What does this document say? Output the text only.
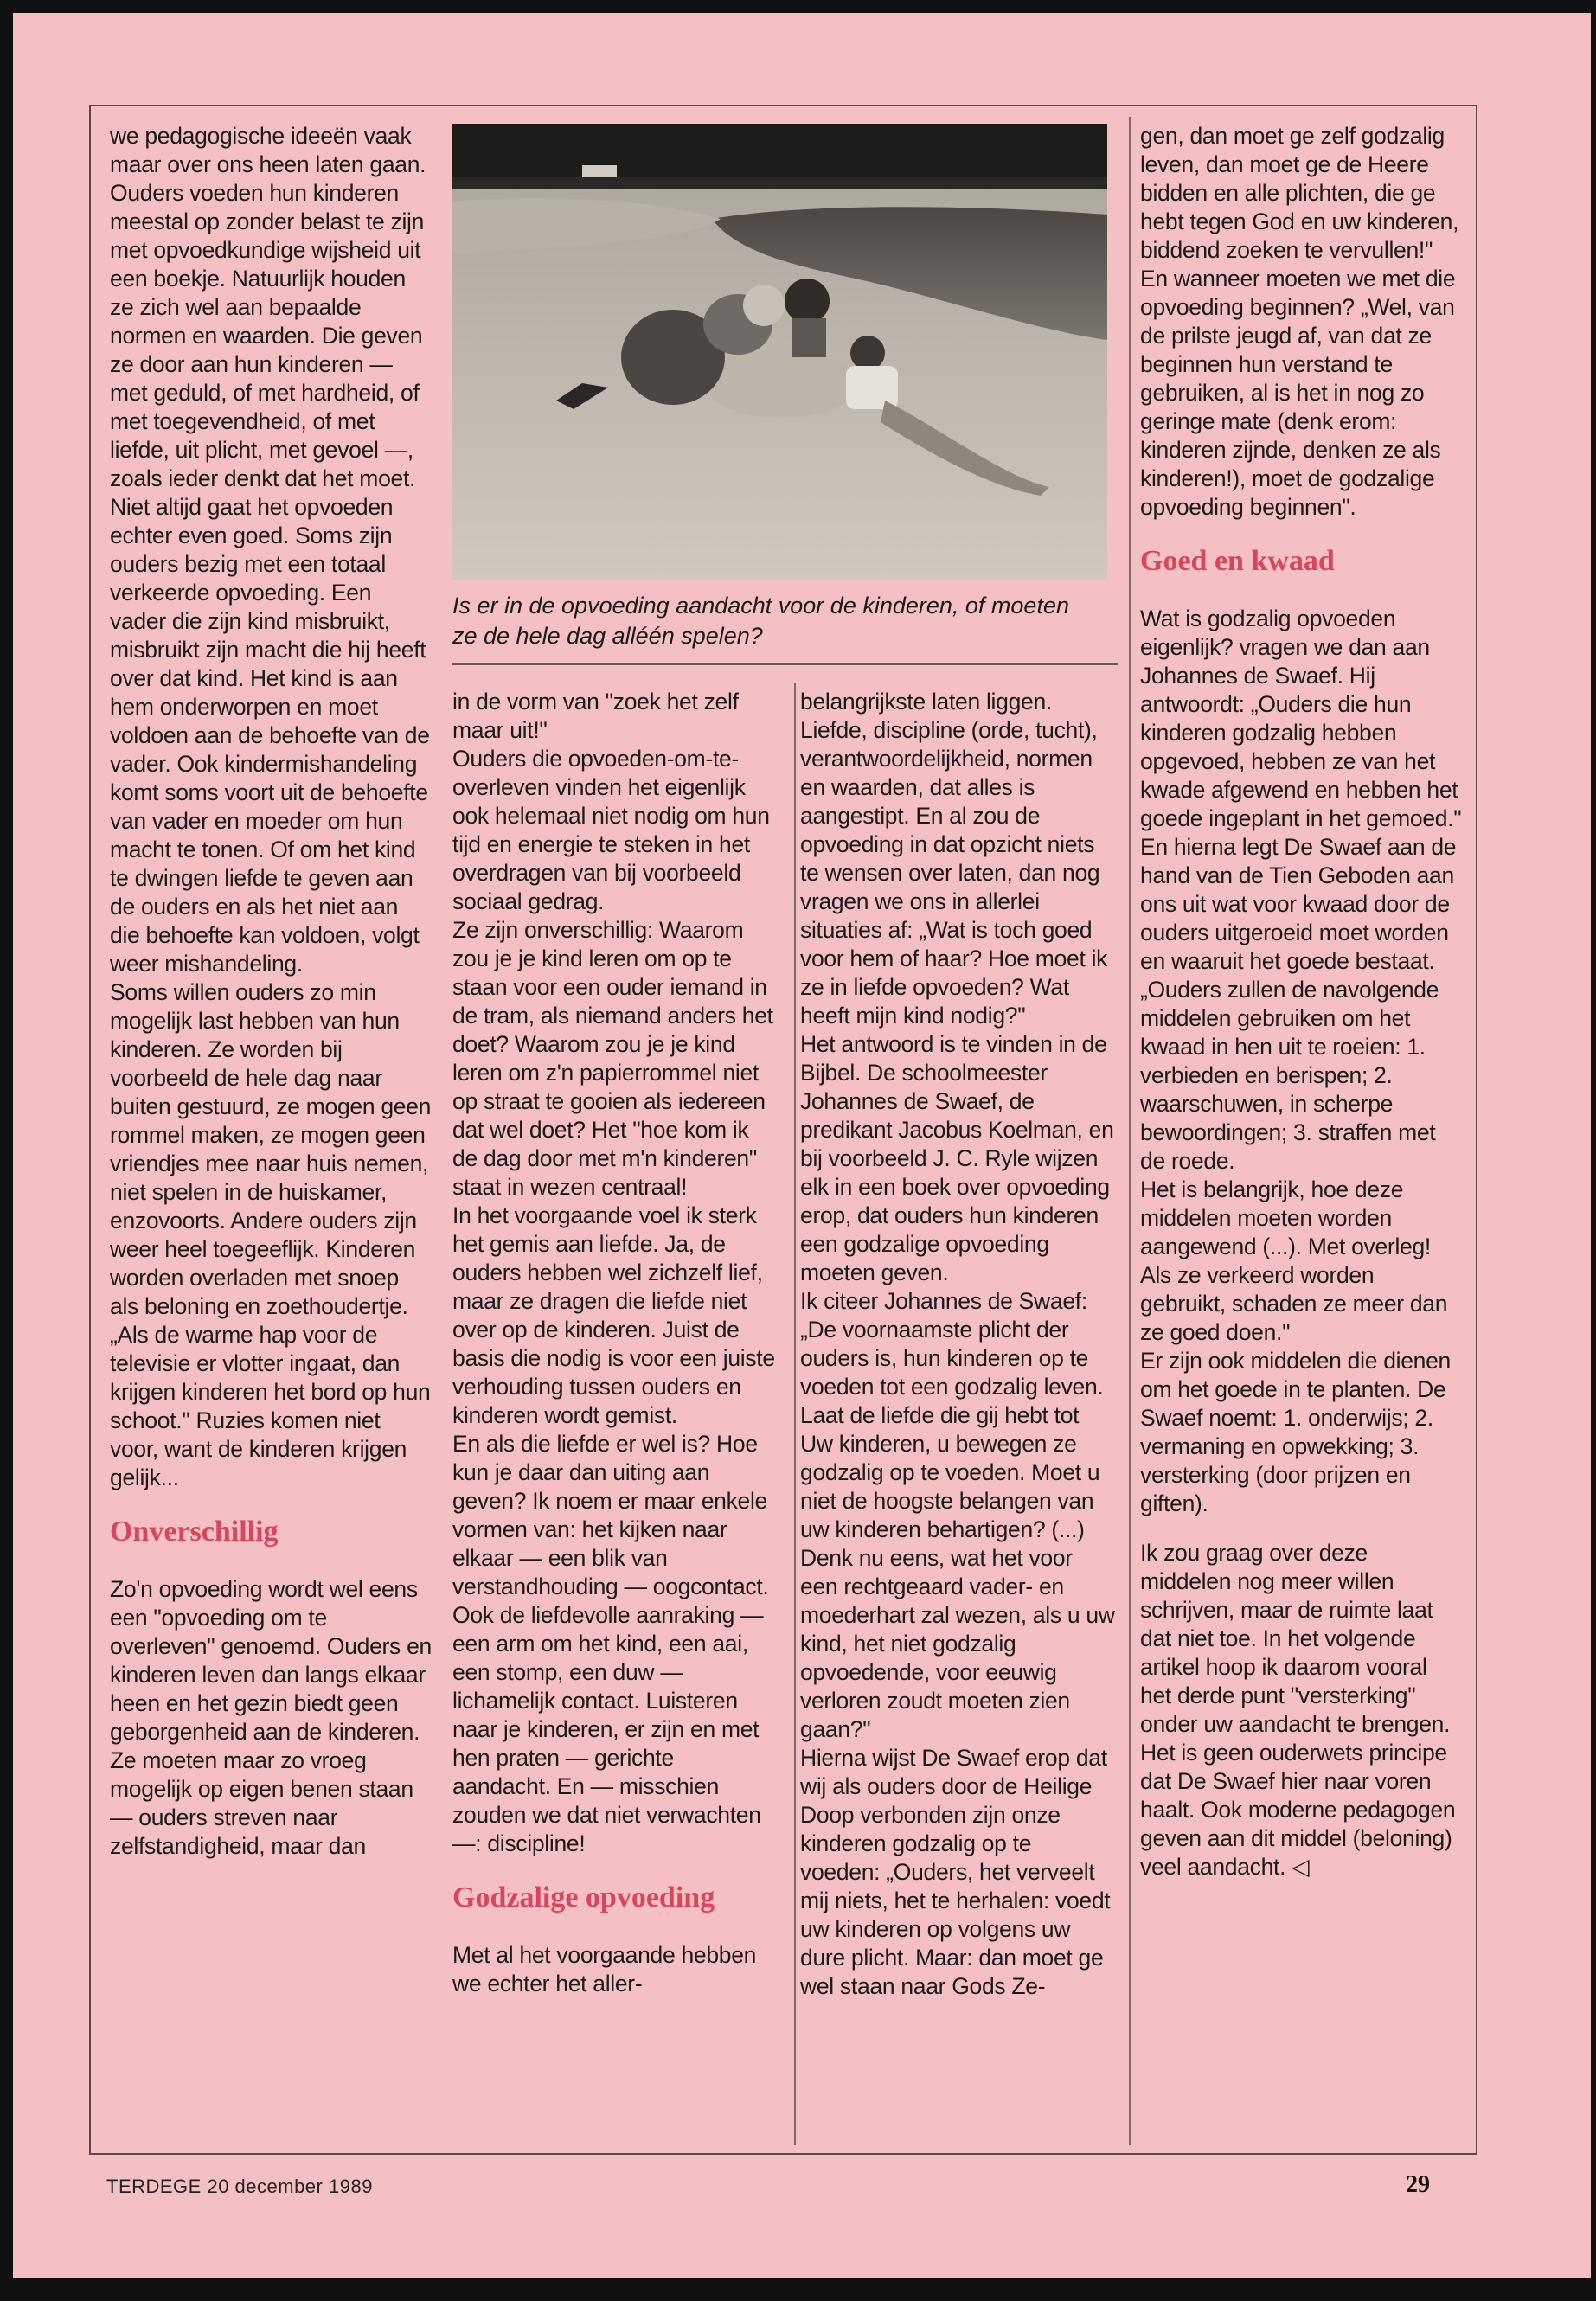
Is er in de opvoeding aandacht voor de kinderen, of moeten ze de hele dag alléén spelen?

we pedagogische ideeën vaak maar over ons heen laten gaan. Ouders voeden hun kinderen meestal op zonder belast te zijn met opvoedkundige wijsheid uit een boekje. Natuurlijk houden ze zich wel aan bepaalde normen en waarden. Die geven ze door aan hun kinderen — met geduld, of met hardheid, of met toegevendheid, of met liefde, uit plicht, met gevoel —, zoals ieder denkt dat het moet.

Niet altijd gaat het opvoeden echter even goed. Soms zijn ouders bezig met een totaal verkeerde opvoeding. Een vader die zijn kind misbruikt, misbruikt zijn macht die hij heeft over dat kind. Het kind is aan hem onderworpen en moet voldoen aan de behoefte van de vader. Ook kindermishandeling komt soms voort uit de behoefte van vader en moeder om hun macht te tonen. Of om het kind te dwingen liefde te geven aan de ouders en als het niet aan die behoefte kan voldoen, volgt weer mishandeling.

Soms willen ouders zo min mogelijk last hebben van hun kinderen. Ze worden bij voorbeeld de hele dag naar buiten gestuurd, ze mogen geen rommel maken, ze mogen geen vriendjes mee naar huis nemen, niet spelen in de huiskamer, enzovoorts. Andere ouders zijn weer heel toegeeflijk. Kinderen worden overladen met snoep als beloning en zoethoudertje. „Als de warme hap voor de televisie er vlotter ingaat, dan krijgen kinderen het bord op hun schoot." Ruzies komen niet voor, want de kinderen krijgen gelijk...

Onverschillig

Zo'n opvoeding wordt wel eens een "opvoeding om te overleven" genoemd. Ouders en kinderen leven dan langs elkaar heen en het gezin biedt geen geborgenheid aan de kinderen. Ze moeten maar zo vroeg mogelijk op eigen benen staan — ouders streven naar zelfstandigheid, maar dan

in de vorm van "zoek het zelf maar uit!"

Ouders die opvoeden-om-te-overleven vinden het eigenlijk ook helemaal niet nodig om hun tijd en energie te steken in het overdragen van bij voorbeeld sociaal gedrag.

Ze zijn onverschillig: Waarom zou je je kind leren om op te staan voor een ouder iemand in de tram, als niemand anders het doet? Waarom zou je je kind leren om z'n papierrommel niet op straat te gooien als iedereen dat wel doet? Het "hoe kom ik de dag door met m'n kinderen" staat in wezen centraal!

In het voorgaande voel ik sterk het gemis aan liefde. Ja, de ouders hebben wel zichzelf lief, maar ze dragen die liefde niet over op de kinderen. Juist de basis die nodig is voor een juiste verhouding tussen ouders en kinderen wordt gemist.

En als die liefde er wel is? Hoe kun je daar dan uiting aan geven? Ik noem er maar enkele vormen van: het kijken naar elkaar — een blik van verstandhouding — oogcontact. Ook de liefdevolle aanraking — een arm om het kind, een aai, een stomp, een duw — lichamelijk contact. Luisteren naar je kinderen, er zijn en met hen praten — gerichte aandacht. En — misschien zouden we dat niet verwachten —: discipline!

Godzalige opvoeding

Met al het voorgaande hebben we echter het aller-

belangrijkste laten liggen. Liefde, discipline (orde, tucht), verantwoordelijkheid, normen en waarden, dat alles is aangestipt. En al zou de opvoeding in dat opzicht niets te wensen over laten, dan nog vragen we ons in allerlei situaties af: „Wat is toch goed voor hem of haar? Hoe moet ik ze in liefde opvoeden? Wat heeft mijn kind nodig?"

Het antwoord is te vinden in de Bijbel. De schoolmeester Johannes de Swaef, de predikant Jacobus Koelman, en bij voorbeeld J. C. Ryle wijzen elk in een boek over opvoeding erop, dat ouders hun kinderen een godzalige opvoeding moeten geven.

Ik citeer Johannes de Swaef: „De voornaamste plicht der ouders is, hun kinderen op te voeden tot een godzalig leven. Laat de liefde die gij hebt tot Uw kinderen, u bewegen ze godzalig op te voeden. Moet u niet de hoogste belangen van uw kinderen behartigen? (...) Denk nu eens, wat het voor een rechtgeaard vader- en moederhart zal wezen, als u uw kind, het niet godzalig opvoedende, voor eeuwig verloren zoudt moeten zien gaan?"

Hierna wijst De Swaef erop dat wij als ouders door de Heilige Doop verbonden zijn onze kinderen godzalig op te voeden: „Ouders, het verveelt mij niets, het te herhalen: voedt uw kinderen op volgens uw dure plicht. Maar: dan moet ge wel staan naar Gods Ze-

gen, dan moet ge zelf godzalig leven, dan moet ge de Heere bidden en alle plichten, die ge hebt tegen God en uw kinderen, biddend zoeken te vervullen!"

En wanneer moeten we met die opvoeding beginnen? „Wel, van de prilste jeugd af, van dat ze beginnen hun verstand te gebruiken, al is het in nog zo geringe mate (denk erom: kinderen zijnde, denken ze als kinderen!), moet de godzalige opvoeding beginnen".

Goed en kwaad

Wat is godzalig opvoeden eigenlijk? vragen we dan aan Johannes de Swaef. Hij antwoordt: „Ouders die hun kinderen godzalig hebben opgevoed, hebben ze van het kwade afgewend en hebben het goede ingeplant in het gemoed." En hierna legt De Swaef aan de hand van de Tien Geboden aan ons uit wat voor kwaad door de ouders uitgeroeid moet worden en waaruit het goede bestaat. „Ouders zullen de navolgende middelen gebruiken om het kwaad in hen uit te roeien: 1. verbieden en berispen; 2. waarschuwen, in scherpe bewoordingen; 3. straffen met de roede.

Het is belangrijk, hoe deze middelen moeten worden aangewend (...). Met overleg! Als ze verkeerd worden gebruikt, schaden ze meer dan ze goed doen."

Er zijn ook middelen die dienen om het goede in te planten. De Swaef noemt: 1. onderwijs; 2. vermaning en opwekking; 3. versterking (door prijzen en giften).

Ik zou graag over deze middelen nog meer willen schrijven, maar de ruimte laat dat niet toe. In het volgende artikel hoop ik daarom vooral het derde punt "versterking" onder uw aandacht te brengen. Het is geen ouderwets principe dat De Swaef hier naar voren haalt. Ook moderne pedagogen geven aan dit middel (beloning) veel aandacht. ◁

TERDEGE 20 december 1989	29
